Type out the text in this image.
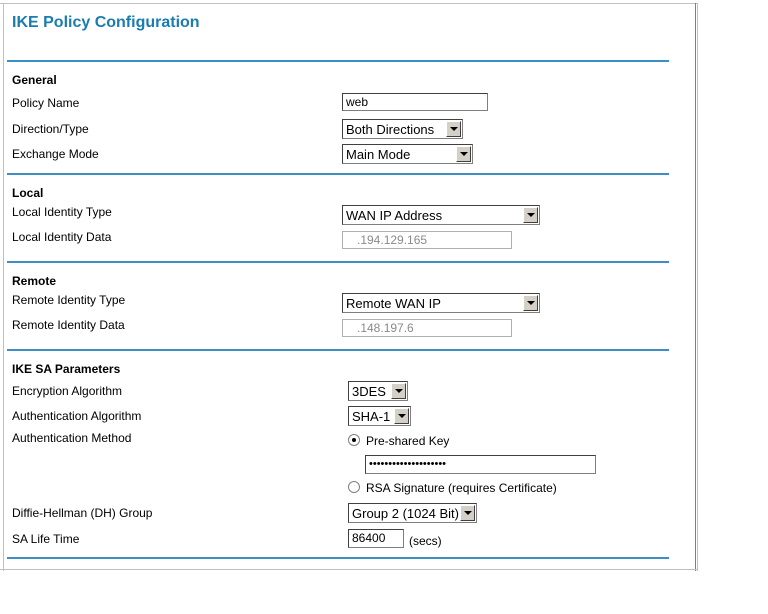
IKE Policy Configuration
General
Policy Name	web
Direction/Type	Both Directions
Exchange Mode	Main Mode
Local
Local Identity Type	WAN IP Address
Local Identity Data	.194.129.165
Remote
Remote Identity Type	Remote WAN IP
Remote Identity Data	.148.197.6
IKE SA Parameters
Encryption Algorithm	3DES
Authentication Algorithm	SHA-1
Authentication Method	Pre-shared Key
••••••••••••••••••••
RSA Signature (requires Certificate)
Diffie-Hellman (DH) Group	Group 2 (1024 Bit)
SA Life Time	86400	(secs)
